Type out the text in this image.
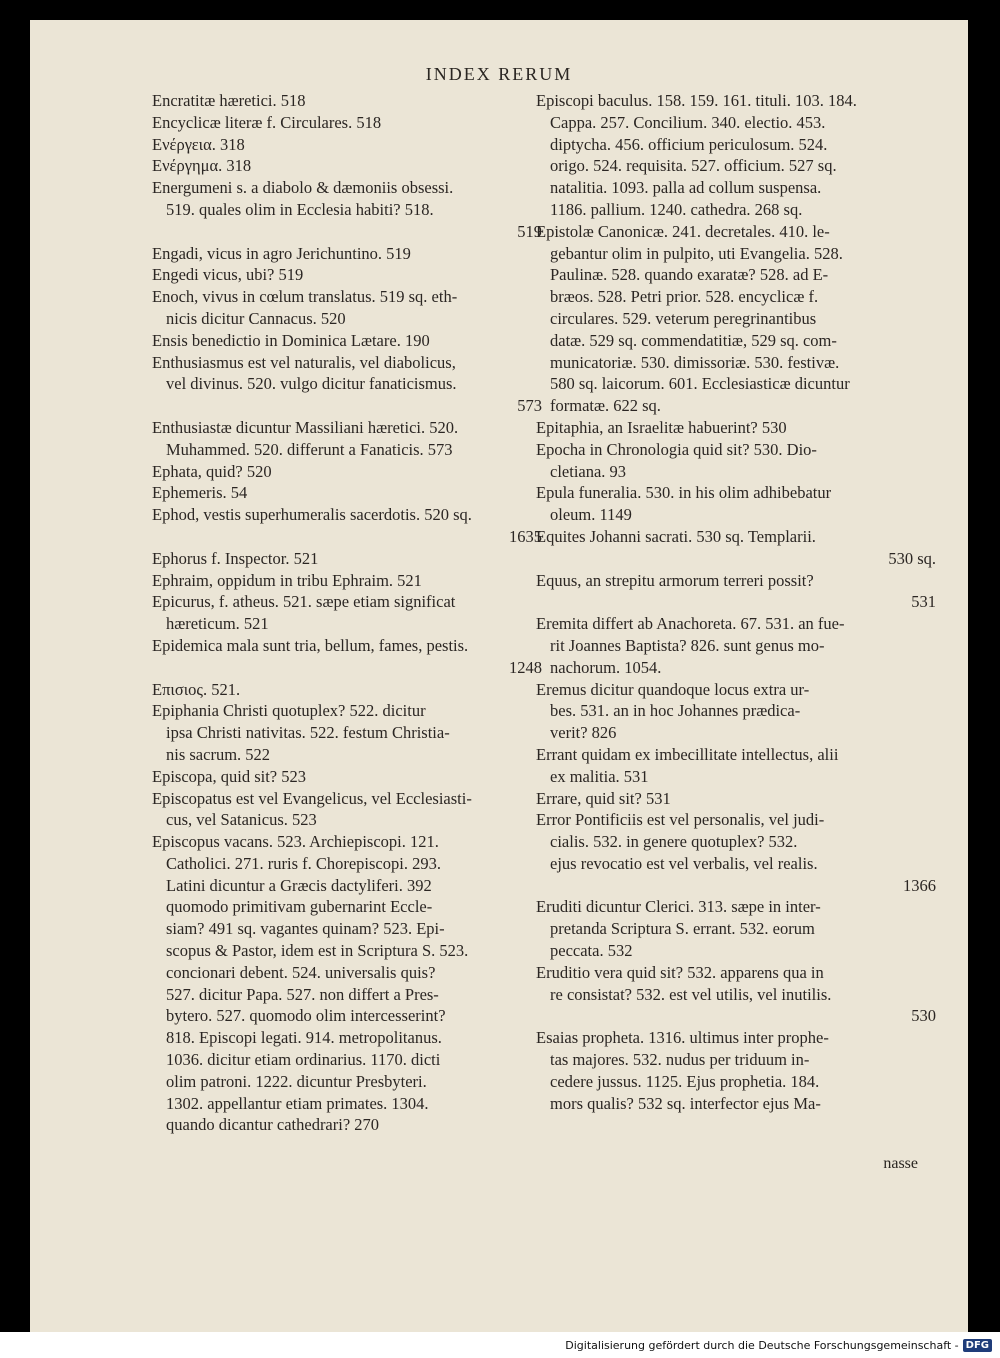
INDEX RERUM
Encratitæ hæretici. 518
Encyclicæ literæ f. Circulares. 518
Ενέργεια. 318
Ενέργημα. 318
Energumeni s. a diabolo & dæmoniis obsessi.
519. quales olim in Ecclesia habiti? 518.
519
Engadi, vicus in agro Jerichuntino. 519
Engedi vicus, ubi? 519
Enoch, vivus in cœlum translatus. 519 sq. eth-
nicis dicitur Cannacus. 520
Ensis benedictio in Dominica Lætare. 190
Enthusiasmus est vel naturalis, vel diabolicus,
vel divinus. 520. vulgo dicitur fanaticismus.
573
Enthusiastæ dicuntur Massiliani hæretici. 520.
Muhammed. 520. differunt a Fanaticis. 573
Ephata, quid? 520
Ephemeris. 54
Ephod, vestis superhumeralis sacerdotis. 520 sq.
1635
Ephorus f. Inspector. 521
Ephraim, oppidum in tribu Ephraim. 521
Epicurus, f. atheus. 521. sæpe etiam significat
hæreticum. 521
Epidemica mala sunt tria, bellum, fames, pestis.
1248
Επισιος. 521.
Epiphania Christi quotuplex? 522. dicitur
ipsa Christi nativitas. 522. festum Christia-
nis sacrum. 522
Episcopa, quid sit? 523
Episcopatus est vel Evangelicus, vel Ecclesiasti-
cus, vel Satanicus. 523
Episcopus vacans. 523. Archiepiscopi. 121.
Catholici. 271. ruris f. Chorepiscopi. 293.
Latini dicuntur a Græcis dactyliferi. 392
quomodo primitivam gubernarint Eccle-
siam? 491 sq. vagantes quinam? 523. Epi-
scopus & Pastor, idem est in Scriptura S. 523.
concionari debent. 524. universalis quis?
527. dicitur Papa. 527. non differt a Pres-
bytero. 527. quomodo olim intercesserint?
818. Episcopi legati. 914. metropolitanus.
1036. dicitur etiam ordinarius. 1170. dicti
olim patroni. 1222. dicuntur Presbyteri.
1302. appellantur etiam primates. 1304.
quando dicantur cathedrari? 270
Episcopi baculus. 158. 159. 161. tituli. 103. 184.
Cappa. 257. Concilium. 340. electio. 453.
diptycha. 456. officium periculosum. 524.
origo. 524. requisita. 527. officium. 527 sq.
natalitia. 1093. palla ad collum suspensa.
1186. pallium. 1240. cathedra. 268 sq.
Epistolæ Canonicæ. 241. decretales. 410. le-
gebantur olim in pulpito, uti Evangelia. 528.
Paulinæ. 528. quando exaratæ? 528. ad E-
bræos. 528. Petri prior. 528. encyclicæ f.
circulares. 529. veterum peregrinantibus
datæ. 529 sq. commendatitiæ, 529 sq. com-
municatoriæ. 530. dimissoriæ. 530. festivæ.
580 sq. laicorum. 601. Ecclesiasticæ dicuntur
formatæ. 622 sq.
Epitaphia, an Israelitæ habuerint? 530
Epocha in Chronologia quid sit? 530. Dio-
cletiana. 93
Epula funeralia. 530. in his olim adhibebatur
oleum. 1149
Equites Johanni sacrati. 530 sq. Templarii.
530 sq.
Equus, an strepitu armorum terreri possit?
531
Eremita differt ab Anachoreta. 67. 531. an fue-
rit Joannes Baptista? 826. sunt genus mo-
nachorum. 1054.
Eremus dicitur quandoque locus extra ur-
bes. 531. an in hoc Johannes prædica-
verit? 826
Errant quidam ex imbecillitate intellectus, alii
ex malitia. 531
Errare, quid sit? 531
Error Pontificiis est vel personalis, vel judi-
cialis. 532. in genere quotuplex? 532.
ejus revocatio est vel verbalis, vel realis.
1366
Eruditi dicuntur Clerici. 313. sæpe in inter-
pretanda Scriptura S. errant. 532. eorum
peccata. 532
Eruditio vera quid sit? 532. apparens qua in
re consistat? 532. est vel utilis, vel inutilis.
530
Esaias propheta. 1316. ultimus inter prophe-
tas majores. 532. nudus per triduum in-
cedere jussus. 1125. Ejus prophetia. 184.
mors qualis? 532 sq. interfector ejus Ma-
nasse
Digitalisierung gefördert durch die Deutsche Forschungsgemeinschaft - DFG
